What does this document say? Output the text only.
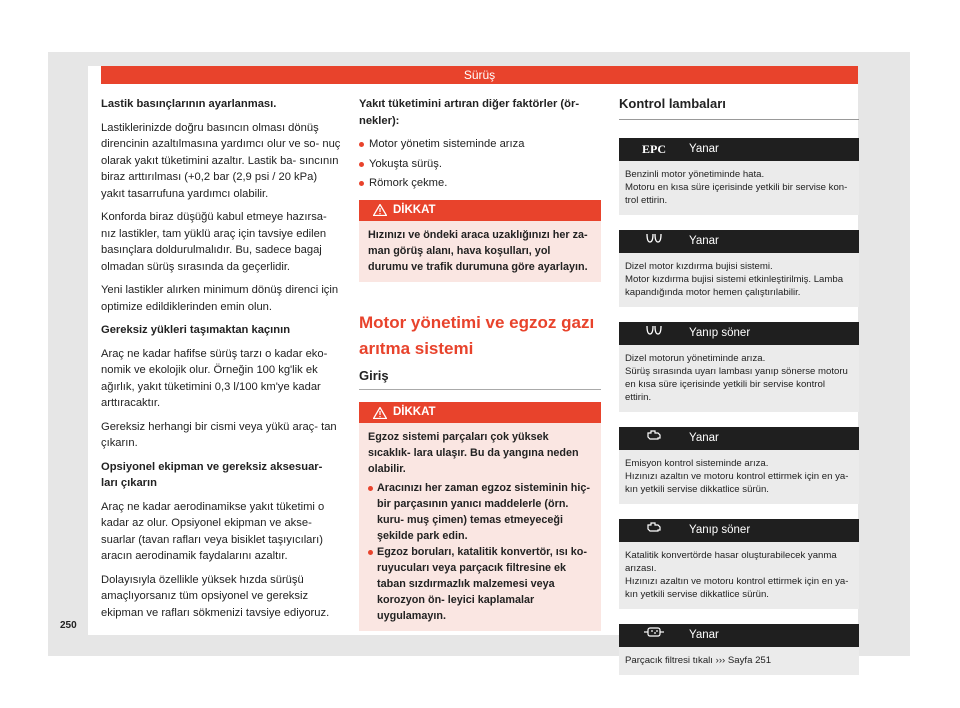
Sürüş

Lastik basınçlarının ayarlanması.

Lastiklerinizde doğru basıncın olması dönüş direncinin azaltılmasına yardımcı olur ve so- nuç olarak yakıt tüketimini azaltır. Lastik ba- sıncının biraz arttırılması (+0,2 bar (2,9 psi / 20 kPa) yakıt tasarrufuna yardımcı olabilir.

Konforda biraz düşüğü kabul etmeye hazırsa- nız lastikler, tam yüklü araç için tavsiye edilen basınçlara doldurulmalıdır. Bu, sadece bagaj olmadan sürüş sırasında da geçerlidir.

Yeni lastikler alırken minimum dönüş direnci için optimize edildiklerinden emin olun.

Gereksiz yükleri taşımaktan kaçının

Araç ne kadar hafifse sürüş tarzı o kadar eko- nomik ve ekolojik olur. Örneğin 100 kg'lik ek ağırlık, yakıt tüketimini 0,3 l/100 km'ye kadar arttıracaktır.

Gereksiz herhangi bir cismi veya yükü araç- tan çıkarın.

Opsiyonel ekipman ve gereksiz aksesuar- ları çıkarın

Araç ne kadar aerodinamikse yakıt tüketimi o kadar az olur. Opsiyonel ekipman ve akse- suarlar (tavan rafları veya bisiklet taşıyıcıları) aracın aerodinamik faydalarını azaltır.

Dolayısıyla özellikle yüksek hızda sürüşü amaçlıyorsanız tüm opsiyonel ve gereksiz ekipman ve rafları sökmenizi tavsiye ediyoruz.

Yakıt tüketimini artıran diğer faktörler (ör- nekler):

Motor yönetim sisteminde arıza
Yokuşta sürüş.
Römork çekme.
DİKKAT
Hızınızı ve öndeki araca uzaklığınızı her za- man görüş alanı, hava koşulları, yol durumu ve trafik durumuna göre ayarlayın.
Motor yönetimi ve egzoz gazı arıtma sistemi
Giriş
DİKKAT
Egzoz sistemi parçaları çok yüksek sıcaklık- lara ulaşır. Bu da yangına neden olabilir.
Aracınızı her zaman egzoz sisteminin hiç- bir parçasının yanıcı maddelerle (örn. kuru- muş çimen) temas etmeyeceği şekilde park edin.
Egzoz boruları, katalitik konvertör, ısı ko- ruyucuları veya parçacık filtresine ek taban sızdırmazlık malzemesi veya korozyon ön- leyici kaplamalar uygulamayın.
Kontrol lambaları
EPC	Yanar
Benzinli motor yönetiminde hata.
Motoru en kısa süre içerisinde yetkili bir servise kon- trol ettirin.
Yanar
Dizel motor kızdırma bujisi sistemi.
Motor kızdırma bujisi sistemi etkinleştirilmiş. Lamba kapandığında motor hemen çalıştırılabilir.
Yanıp söner
Dizel motorun yönetiminde arıza.
Sürüş sırasında uyarı lambası yanıp sönerse motoru en kısa süre içerisinde yetkili bir servise kontrol ettirin.
Yanar
Emisyon kontrol sisteminde arıza.
Hızınızı azaltın ve motoru kontrol ettirmek için en ya- kın yetkili servise dikkatlice sürün.
Yanıp söner
Katalitik konvertörde hasar oluşturabilecek yanma arızası.
Hızınızı azaltın ve motoru kontrol ettirmek için en ya- kın yetkili servise dikkatlice sürün.
Yanar
Parçacık filtresi tıkalı ››› Sayfa 251
250
